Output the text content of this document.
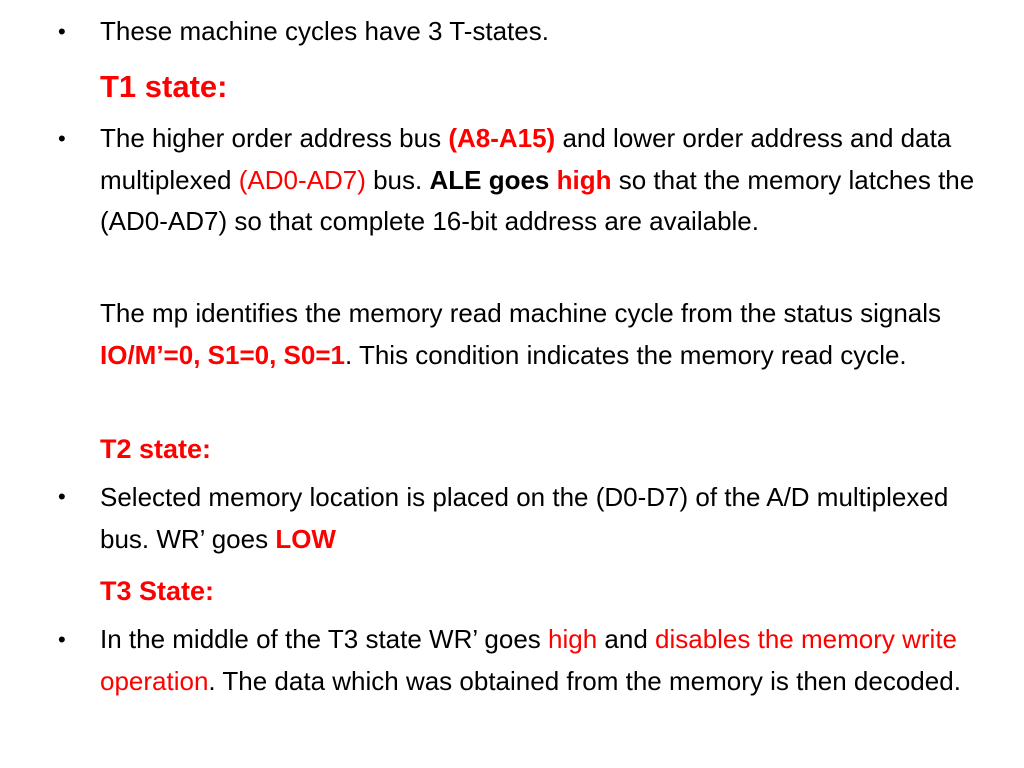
• These machine cycles have 3 T-states.
T1 state:
• The higher order address bus (A8-A15) and lower order address and data multiplexed (AD0-AD7) bus. ALE goes high so that the memory latches the (AD0-AD7) so that complete 16-bit address are available.
The mp identifies the memory read machine cycle from the status signals IO/M’=0, S1=0, S0=1. This condition indicates the memory read cycle.
T2 state:
• Selected memory location is placed on the (D0-D7) of the A/D multiplexed bus. WR’ goes LOW
T3 State:
• In the middle of the T3 state WR’ goes high and disables the memory write operation. The data which was obtained from the memory is then decoded.
